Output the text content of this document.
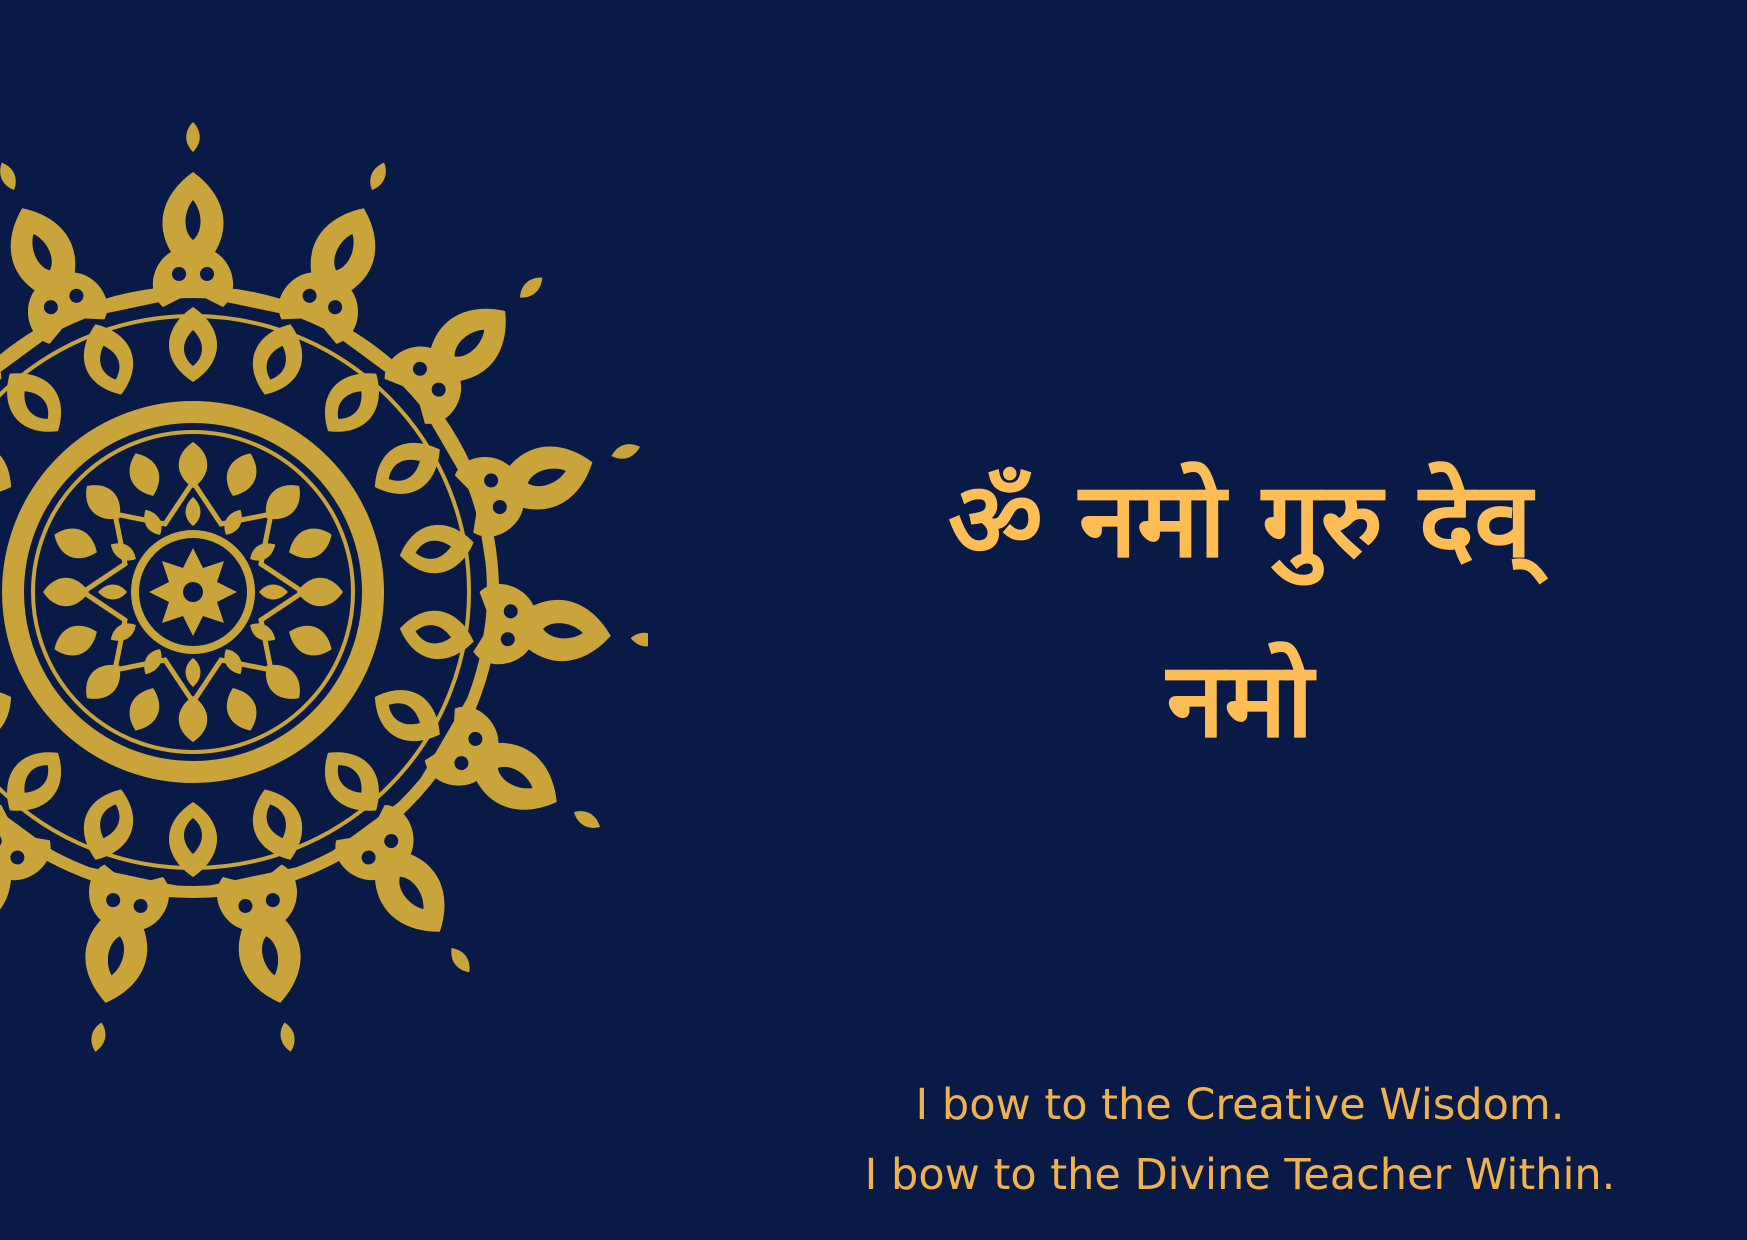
ॐ नमो गुरु देव्
नमो
I bow to the Creative Wisdom.
I bow to the Divine Teacher Within.
